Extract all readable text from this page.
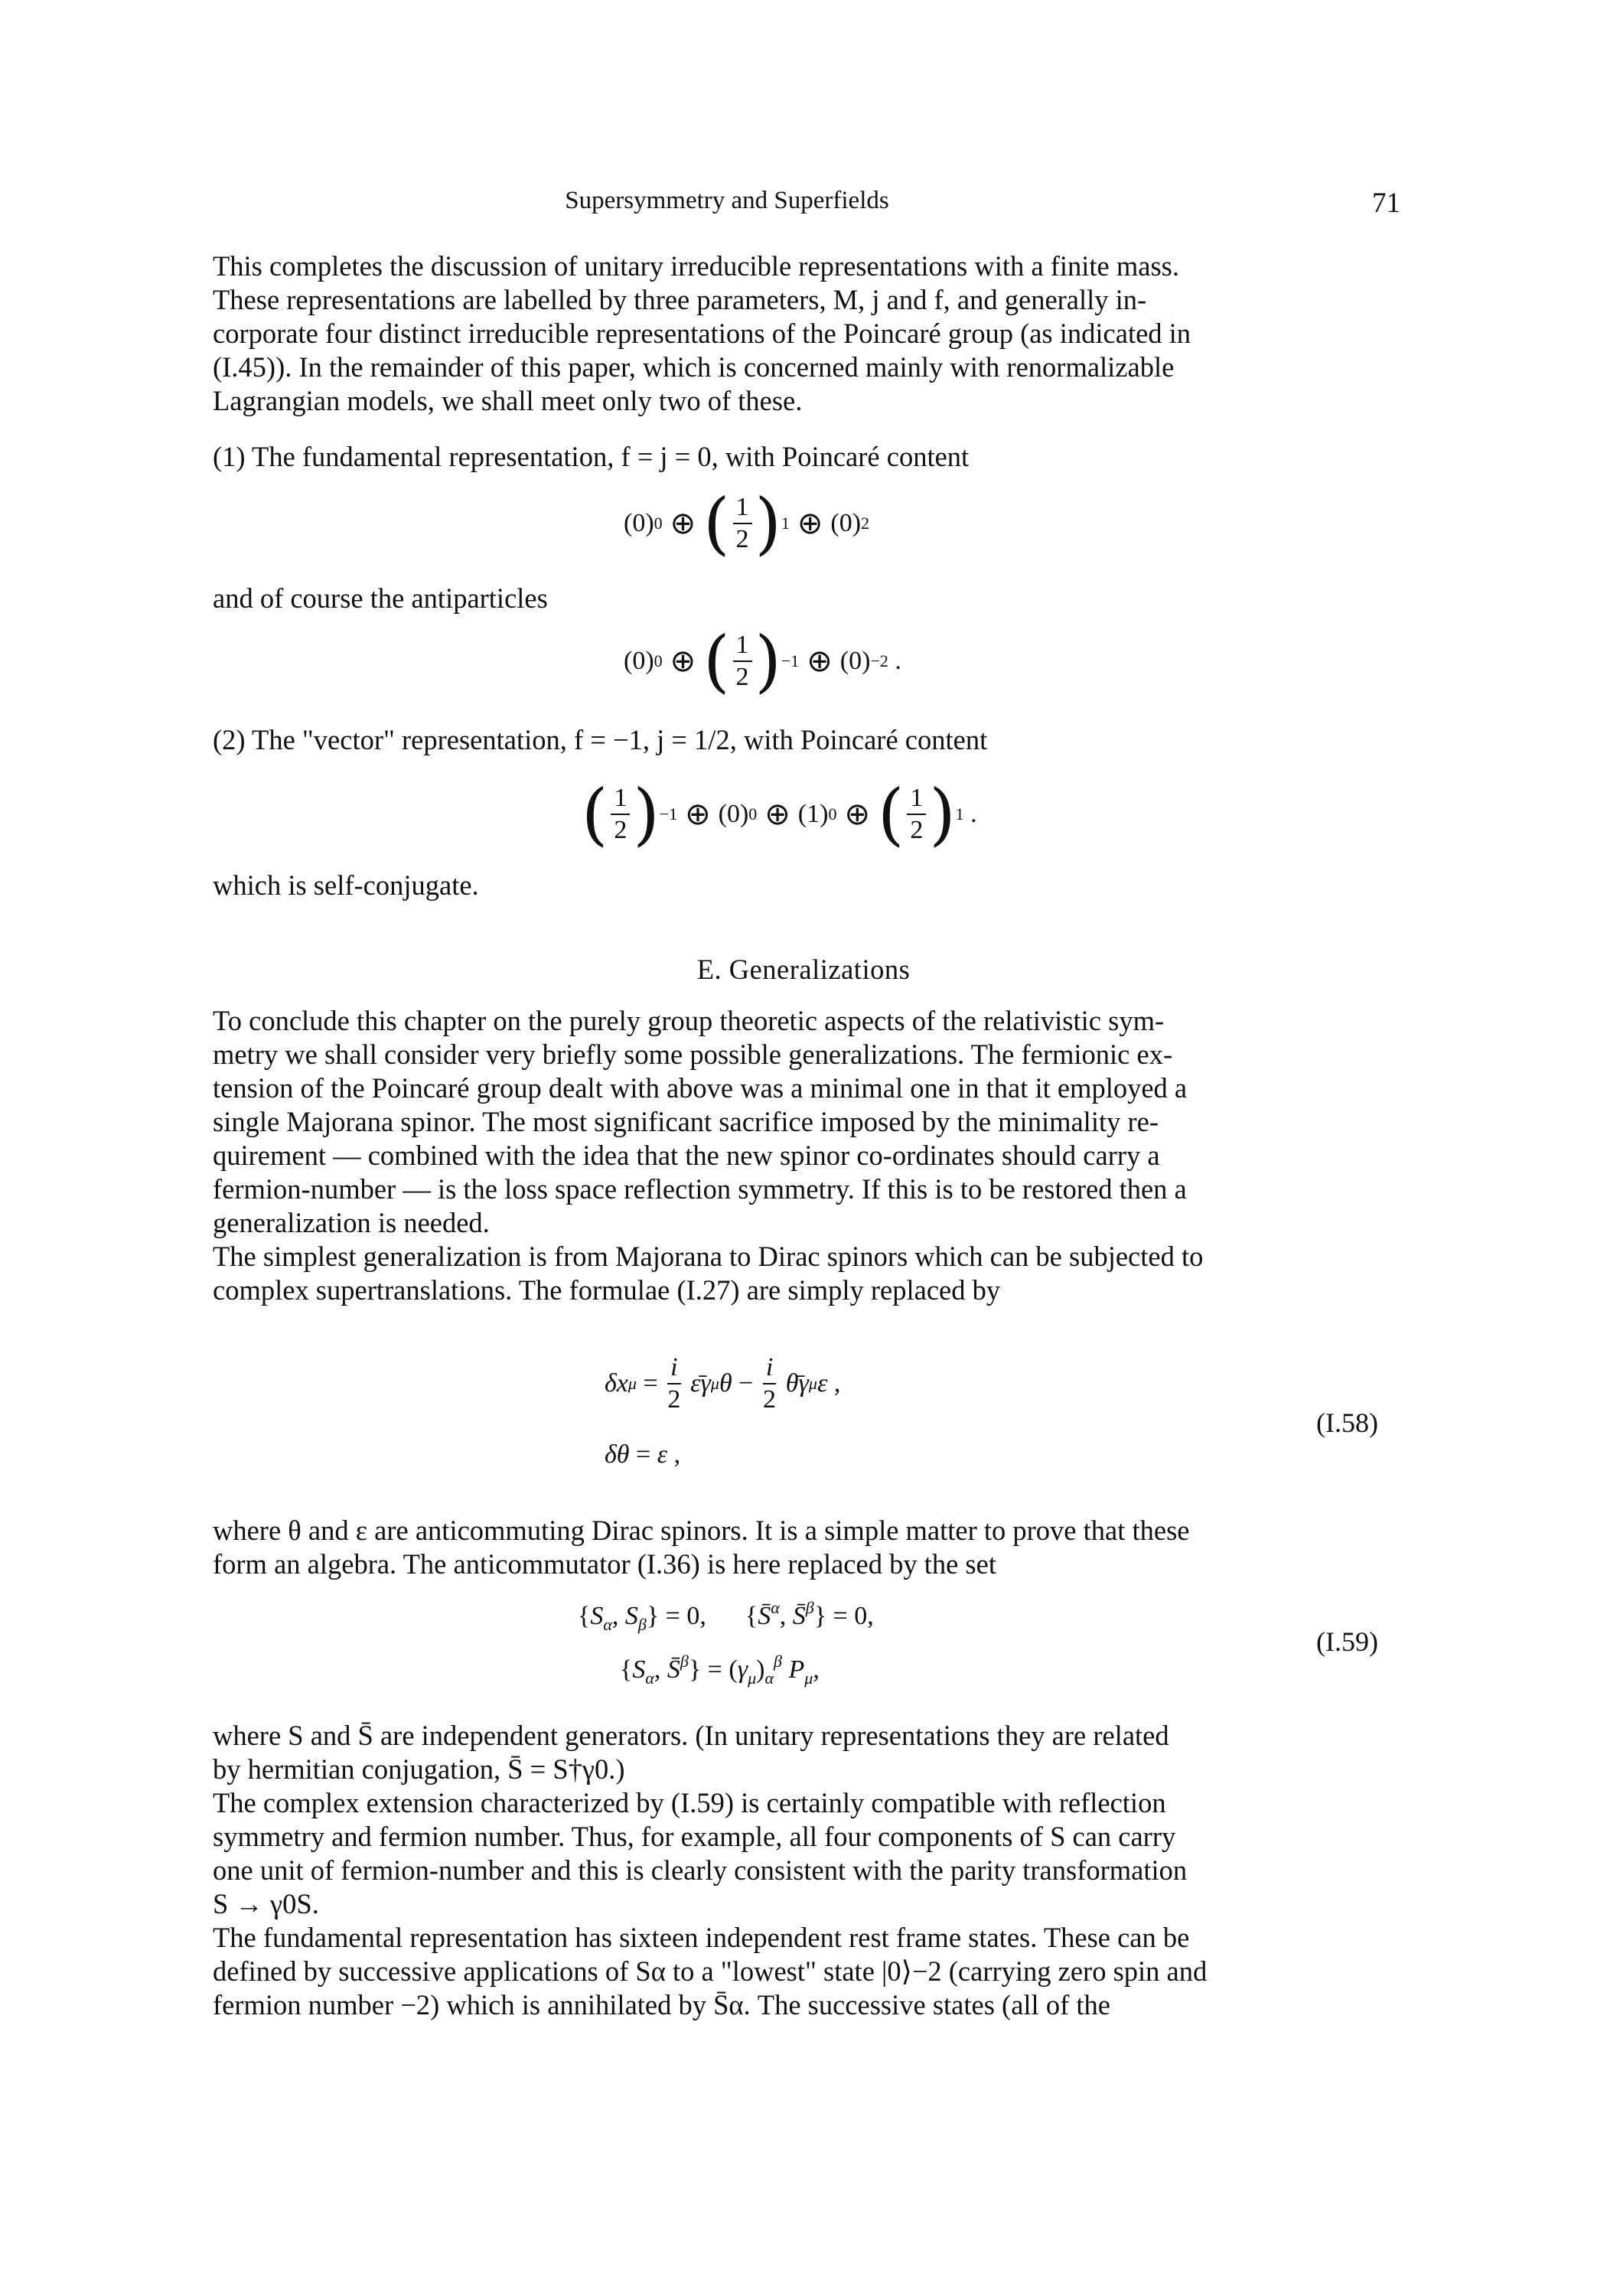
Supersymmetry and Superfields	71
This completes the discussion of unitary irreducible representations with a finite mass.
These representations are labelled by three parameters, M, j and f, and generally in-
corporate four distinct irreducible representations of the Poincaré group (as indicated in
(I.45)). In the remainder of this paper, which is concerned mainly with renormalizable
Lagrangian models, we shall meet only two of these.
(1) The fundamental representation, f = j = 0, with Poincaré content
(0) 0 ⊕ ( $\frac{1}{2}$ ) 1 ⊕ (0) 2
and of course the antiparticles
(0) 0 ⊕ ( $\frac{1}{2}$ ) −1 ⊕ (0) −2 .
(2) The "vector" representation, f = −1, j = 1/2, with Poincaré content
( $\frac{1}{2}$ ) −1 ⊕ (0) 0 ⊕ (1) 0 ⊕ ( $\frac{1}{2}$ ) 1 .
which is self-conjugate.
E. Generalizations
To conclude this chapter on the purely group theoretic aspects of the relativistic sym-
metry we shall consider very briefly some possible generalizations. The fermionic ex-
tension of the Poincaré group dealt with above was a minimal one in that it employed a
single Majorana spinor. The most significant sacrifice imposed by the minimality re-
quirement — combined with the idea that the new spinor co-ordinates should carry a
fermion-number — is the loss space reflection symmetry. If this is to be restored then a
generalization is needed.
The simplest generalization is from Majorana to Dirac spinors which can be subjected to
complex supertranslations. The formulae (I.27) are simply replaced by
δx $\mu = \frac{i}{2}$
ε̄γ μ $\theta - \frac{i}{2}$
θ̄γ μ ε ,
δθ = ε ,
(I.58)
where θ and ε are anticommuting Dirac spinors. It is a simple matter to prove that these
form an algebra. The anticommutator (I.36) is here replaced by the set
{$S_\alpha$, $S_\beta\} = 0$,      {S̄$^\alpha$, S̄$^\beta$} = 0,
{$S_\alpha$, S̄$^\beta$} = $(\gamma_\mu)_\alpha^\beta$ $P_\mu$,
(I.59)
where S and S̄ are independent generators. (In unitary representations they are related
by hermitian conjugation, S̄ = S†γ0.)
The complex extension characterized by (I.59) is certainly compatible with reflection
symmetry and fermion number. Thus, for example, all four components of S can carry
one unit of fermion-number and this is clearly consistent with the parity transformation
S → γ0S.
The fundamental representation has sixteen independent rest frame states. These can be
defined by successive applications of Sα to a "lowest" state |0⟩−2 (carrying zero spin and
fermion number −2) which is annihilated by S̄α. The successive states (all of the
